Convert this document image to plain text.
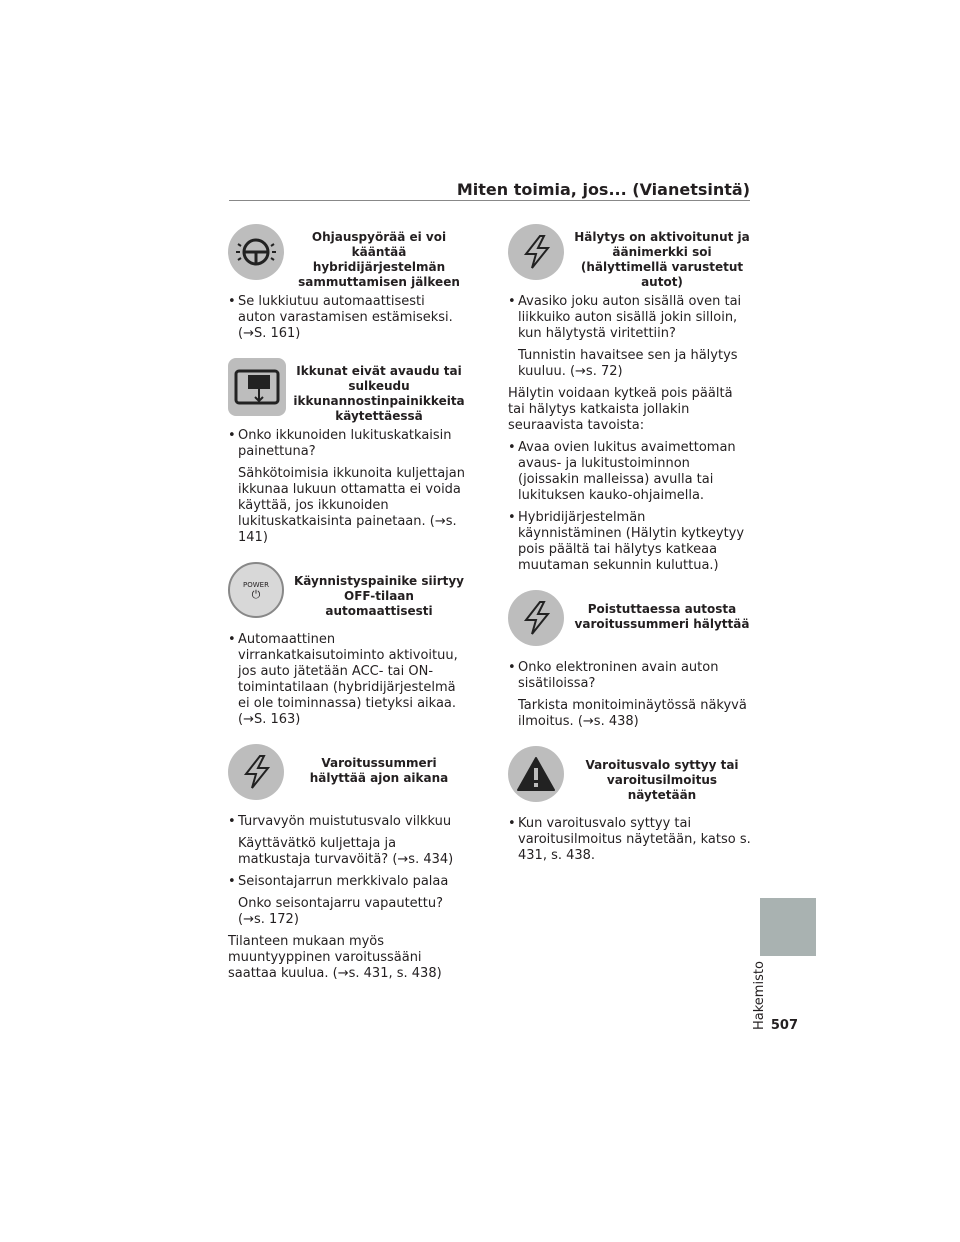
Miten toimia, jos... (Vianetsintä)
Ohjauspyörää ei voi kääntää hybridijärjestelmän sammuttamisen jälkeen
• Se lukkiutuu automaattisesti auton varastamisen estämiseksi. (→S. 161)
Ikkunat eivät avaudu tai sulkeudu ikkunannostinpainikkeita käytettäessä
• Onko ikkunoiden lukituskatkaisin painettuna?
Sähkötoimisia ikkunoita kuljettajan ikkunaa lukuun ottamatta ei voida käyttää, jos ikkunoiden lukituskatkaisinta painetaan. (→s. 141)
POWER
⏻
Käynnistyspainike siirtyy OFF-tilaan automaattisesti
• Automaattinen virrankatkaisutoiminto aktivoituu, jos auto jätetään ACC- tai ON-toimintatilaan (hybridijärjestelmä ei ole toiminnassa) tietyksi aikaa. (→S. 163)
Varoitussummeri hälyttää ajon aikana
• Turvavyön muistutusvalo vilkkuu
Käyttävätkö kuljettaja ja matkustaja turvavöitä? (→s. 434)
• Seisontajarrun merkkivalo palaa
Onko seisontajarru vapautettu? (→s. 172)
Tilanteen mukaan myös muuntyyppinen varoitussääni saattaa kuulua. (→s. 431, s. 438)
Hälytys on aktivoitunut ja äänimerkki soi (hälyttimellä varustetut autot)
• Avasiko joku auton sisällä oven tai liikkuiko auton sisällä jokin silloin, kun hälytystä viritettiin?
Tunnistin havaitsee sen ja hälytys kuuluu. (→s. 72)
Hälytin voidaan kytkeä pois päältä tai hälytys katkaista jollakin seuraavista tavoista:
• Avaa ovien lukitus avaimettoman avaus- ja lukitustoiminnon (joissakin malleissa) avulla tai lukituksen kauko-ohjaimella.
• Hybridijärjestelmän käynnistäminen (Hälytin kytkeytyy pois päältä tai hälytys katkeaa muutaman sekunnin kuluttua.)
Poistuttaessa autosta varoitussummeri hälyttää
• Onko elektroninen avain auton sisätiloissa?
Tarkista monitoiminäytössä näkyvä ilmoitus. (→s. 438)
Varoitusvalo syttyy tai varoitusilmoitus näytetään
• Kun varoitusvalo syttyy tai varoitusilmoitus näytetään, katso s. 431, s. 438.
Hakemisto 507
